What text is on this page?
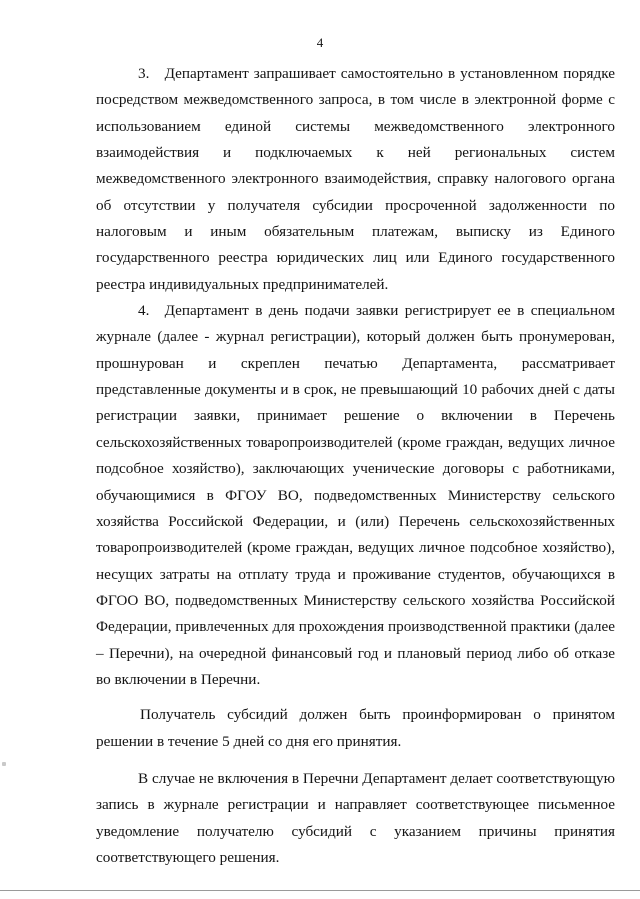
4

3. Департамент запрашивает самостоятельно в установленном порядке посредством межведомственного запроса, в том числе в электронной форме с использованием единой системы межведомственного электронного взаимодействия и подключаемых к ней региональных систем межведомственного электронного взаимодействия, справку налогового органа об отсутствии у получателя субсидии просроченной задолженности по налоговым и иным обязательным платежам, выписку из Единого государственного реестра юридических лиц или Единого государственного реестра индивидуальных предпринимателей.

4. Департамент в день подачи заявки регистрирует ее в специальном журнале (далее - журнал регистрации), который должен быть пронумерован, прошнурован и скреплен печатью Департамента, рассматривает представленные документы и в срок, не превышающий 10 рабочих дней с даты регистрации заявки, принимает решение о включении в Перечень сельскохозяйственных товаропроизводителей (кроме граждан, ведущих личное подсобное хозяйство), заключающих ученические договоры с работниками, обучающимися в ФГОУ ВО, подведомственных Министерству сельского хозяйства Российской Федерации, и (или) Перечень сельскохозяйственных товаропроизводителей (кроме граждан, ведущих личное подсобное хозяйство), несущих затраты на отплату труда и проживание студентов, обучающихся в ФГОО ВО, подведомственных Министерству сельского хозяйства Российской Федерации, привлеченных для прохождения производственной практики (далее – Перечни), на очередной финансовый год и плановый период либо об отказе во включении в Перечни.

Получатель субсидий должен быть проинформирован о принятом решении в течение 5 дней со дня его принятия.

В случае не включения в Перечни Департамент делает соответствующую запись в журнале регистрации и направляет соответствующее письменное уведомление получателю субсидий с указанием причины принятия соответствующего решения.
